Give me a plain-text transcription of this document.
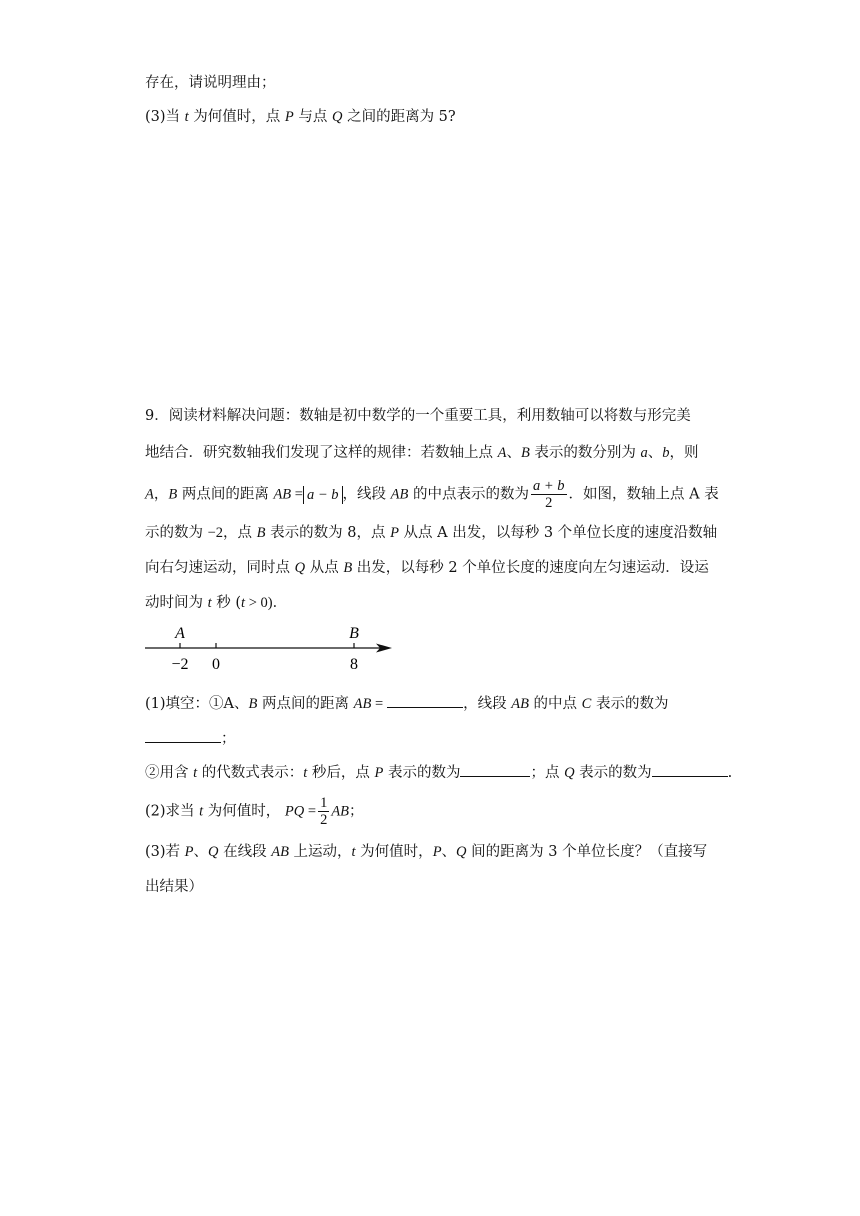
存在，请说明理由；
(3)当 t 为何值时，点 P 与点 Q 之间的距离为 5?
9．阅读材料解决问题：数轴是初中数学的一个重要工具，利用数轴可以将数与形完美
地结合．研究数轴我们发现了这样的规律：若数轴上点 A、B 表示的数分别为 a、b，则
A，B 两点间的距离 AB = a − b ，线段 AB 的中点表示的数为 $\frac{a + b}{2}$ ．如图，数轴上点 A 表
示的数为 −2，点 B 表示的数为 8，点 P 从点 A 出发，以每秒 3 个单位长度的速度沿数轴
向右匀速运动，同时点 Q 从点 B 出发，以每秒 2 个单位长度的速度向左匀速运动．设运
动时间为 t 秒 (t > 0)．
A	B
−2 0	8
(1)填空：①A、B 两点间的距离 AB =	，线段 AB 的中点 C 表示的数为
；
②用含 t 的代数式表示：t 秒后，点 P 表示的数为	；点 Q 表示的数为	.
(2)求当 t 为何值时， PQ = $\frac{1}{2}$ AB；
(3)若 P、Q 在线段 AB 上运动，t 为何值时，P、Q 间的距离为 3 个单位长度？（直接写
出结果）
